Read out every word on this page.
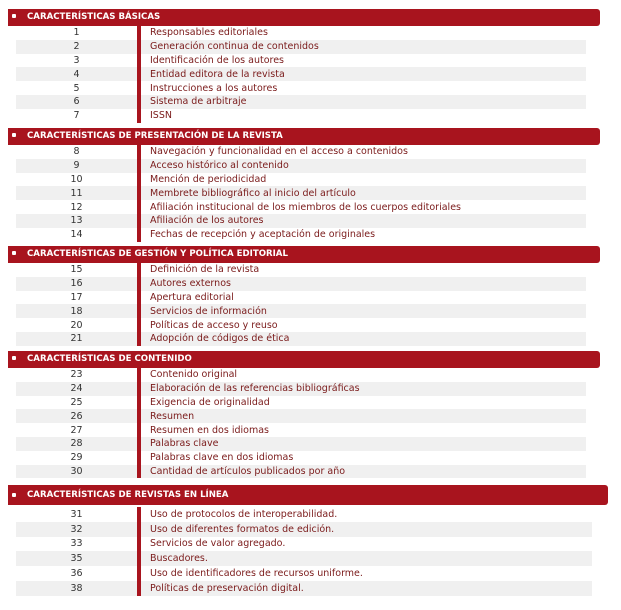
CARACTERÍSTICAS BÁSICAS
1	Responsables editoriales
2	Generación continua de contenidos
3	Identificación de los autores
4	Entidad editora de la revista
5	Instrucciones a los autores
6	Sistema de arbitraje
7	ISSN
CARACTERÍSTICAS DE PRESENTACIÓN DE LA REVISTA
8	Navegación y funcionalidad en el acceso a contenidos
9	Acceso histórico al contenido
10	Mención de periodicidad
11	Membrete bibliográfico al inicio del artículo
12	Afiliación institucional de los miembros de los cuerpos editoriales
13	Afiliación de los autores
14	Fechas de recepción y aceptación de originales
CARACTERÍSTICAS DE GESTIÓN Y POLÍTICA EDITORIAL
15	Definición de la revista
16	Autores externos
17	Apertura editorial
18	Servicios de información
20	Políticas de acceso y reuso
21	Adopción de códigos de ética
CARACTERÍSTICAS DE CONTENIDO
23	Contenido original
24	Elaboración de las referencias bibliográficas
25	Exigencia de originalidad
26	Resumen
27	Resumen en dos idiomas
28	Palabras clave
29	Palabras clave en dos idiomas
30	Cantidad de artículos publicados por año
CARACTERÍSTICAS DE REVISTAS EN LÍNEA
31	Uso de protocolos de interoperabilidad.
32	Uso de diferentes formatos de edición.
33	Servicios de valor agregado.
35	Buscadores.
36	Uso de identificadores de recursos uniforme.
38	Políticas de preservación digital.
